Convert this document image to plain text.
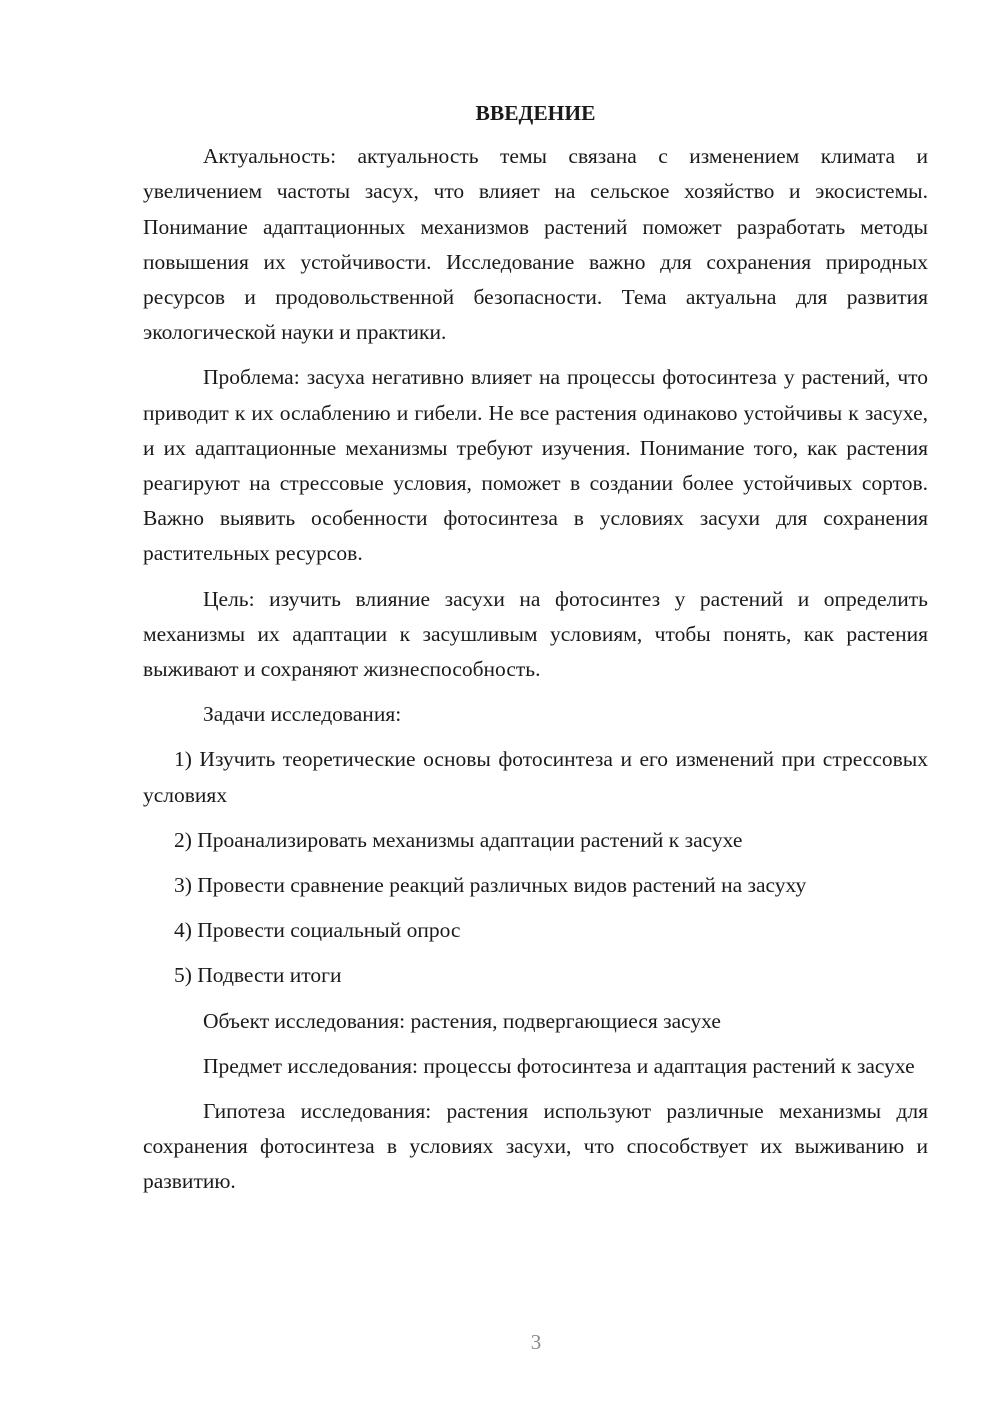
ВВЕДЕНИЕ

Актуальность: актуальность темы связана с изменением климата и увеличением частоты засух, что влияет на сельское хозяйство и экосистемы. Понимание адаптационных механизмов растений поможет разработать методы повышения их устойчивости. Исследование важно для сохранения природных ресурсов и продовольственной безопасности. Тема актуальна для развития экологической науки и практики.

Проблема: засуха негативно влияет на процессы фотосинтеза у растений, что приводит к их ослаблению и гибели. Не все растения одинаково устойчивы к засухе, и их адаптационные механизмы требуют изучения. Понимание того, как растения реагируют на стрессовые условия, поможет в создании более устойчивых сортов. Важно выявить особенности фотосинтеза в условиях засухи для сохранения растительных ресурсов.

Цель: изучить влияние засухи на фотосинтез у растений и определить механизмы их адаптации к засушливым условиям, чтобы понять, как растения выживают и сохраняют жизнеспособность.

Задачи исследования:

1) Изучить теоретические основы фотосинтеза и его изменений при стрессовых условиях

2) Проанализировать механизмы адаптации растений к засухе

3) Провести сравнение реакций различных видов растений на засуху

4) Провести социальный опрос

5) Подвести итоги

Объект исследования: растения, подвергающиеся засухе

Предмет исследования: процессы фотосинтеза и адаптация растений к засухе

Гипотеза исследования: растения используют различные механизмы для сохранения фотосинтеза в условиях засухи, что способствует их выживанию и развитию.

3
